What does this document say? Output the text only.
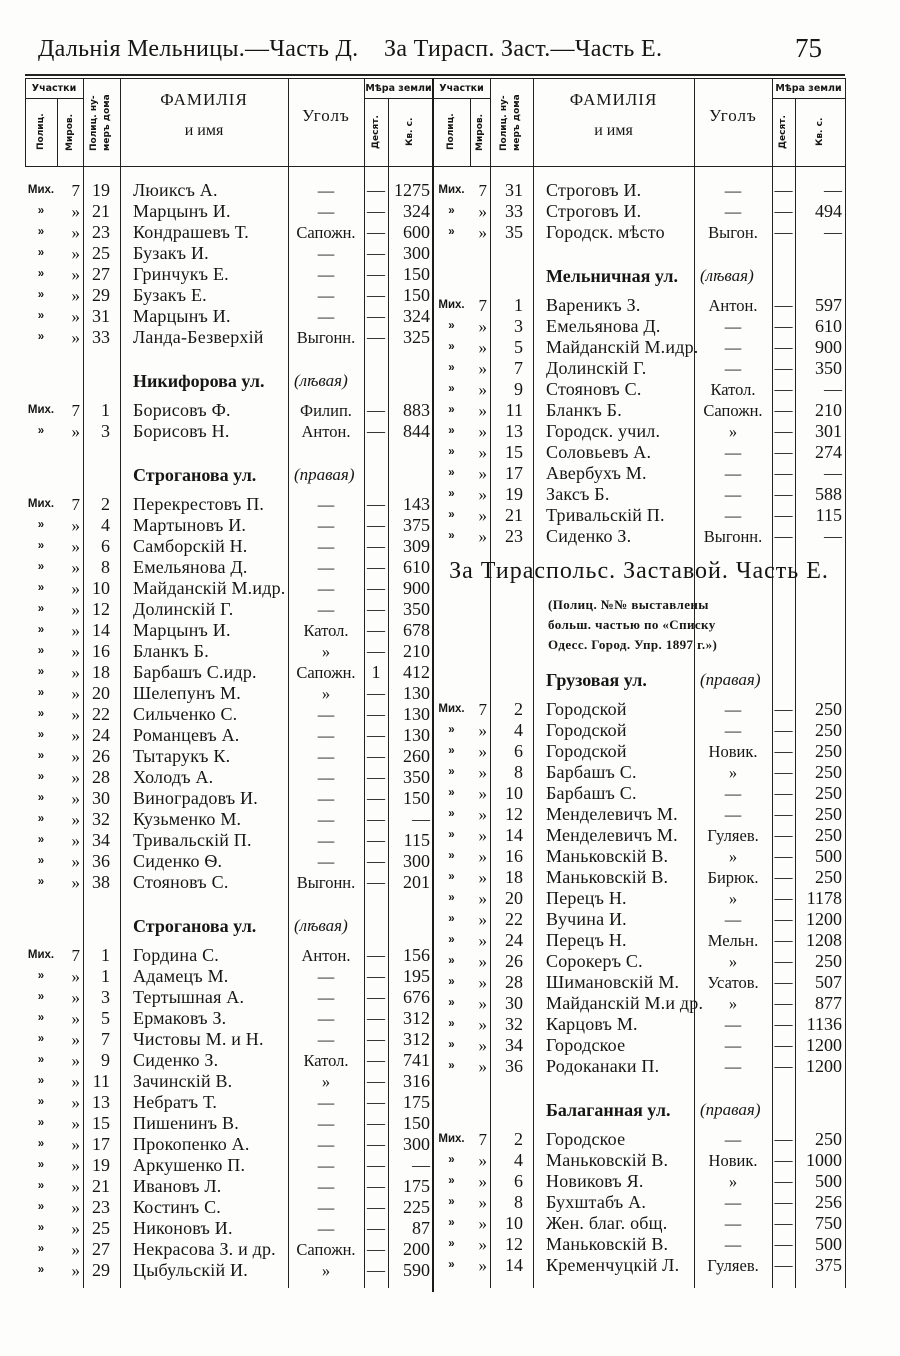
Дальнія Мельницы.—Часть Д. За Тирасп. Заст.—Часть Е.	75
Участки
Полиц.	Миров.	Полиц. ну-меръ дома	ФАМИЛІЯ
и имя
Уголъ
Мѣра земли
Десят.	Кв. с.
Участки
Полиц.	Миров.	Полиц. ну-меръ дома	ФАМИЛІЯ
и имя
Уголъ
Мѣра земли
Десят.	Кв. с.
Мих.	7 19	Люиксъ А.	—	— 1275
»	» 21	Марцынъ И.	—	—	324
»	» 23	Кондрашевъ Т.	Сапожн. —	600
»	» 25	Бузакъ И.	—	—	300
»	» 27	Гринчукъ Е.	—	—	150
»	» 29	Бузакъ Е.	—	—	150
»	» 31	Марцынъ И.	—	—	324
»	» 33	Ланда-Безверхій	Выгонн. —	325
Никифорова ул.	(лѣвая)
Мих.	7	1	Борисовъ Ф.	Филип. —	883
»	»	3	Борисовъ Н.	Антон. —	844
Строганова ул.	(правая)
Мих.	7	2	Перекрестовъ П.	—	—	143
»	»	4	Мартыновъ И.	—	—	375
»	»	6	Самборскій Н.	—	—	309
»	»	8	Емельянова Д.	—	—	610
»	» 10	Майданскій М.идр.	—	—	900
»	» 12	Долинскій Г.	—	—	350
»	» 14	Марцынъ И.	Катол.	—	678
»	» 16	Бланкъ Б.	»	—	210
»	» 18	Барбашъ С.идр.	Сапожн. 1	412
»	» 20	Шелепунъ М.	»	—	130
»	» 22	Сильченко С.	—	—	130
»	» 24	Романцевъ А.	—	—	130
»	» 26	Тытарукъ К.	—	—	260
»	» 28	Холодъ А.	—	—	350
»	» 30	Виноградовъ И.	—	—	150
»	» 32	Кузьменко М.	—	—	—
»	» 34	Тривальскій П.	—	—	115
»	» 36	Сиденко Ѳ.	—	—	300
»	» 38	Стояновъ С.	Выгонн. —	201
Строганова ул.	(лѣвая)
Мих.	7	1	Гордина С.	Антон. —	156
»	»	1	Адамецъ М.	—	—	195
»	»	3	Тертышная А.	—	—	676
»	»	5	Ермаковъ З.	—	—	312
»	»	7	Чистовы М. и Н.	—	—	312
»	»	9	Сиденко З.	Катол.	—	741
»	» 11	Зачинскій В.	»	—	316
»	» 13	Небратъ Т.	—	—	175
»	» 15	Пишенинъ В.	—	—	150
»	» 17	Прокопенко А.	—	—	300
»	» 19	Аркушенко П.	—	—	—
»	» 21	Ивановъ Л.	—	—	175
»	» 23	Костинъ С.	—	—	225
»	» 25	Никоновъ И.	—	—	87
»	» 27	Некрасова З. и др.	Сапожн. —	200
»	» 29	Цыбульскій И.	»	—	590
Мих. 7	31	Строговъ И.	—	—	—
»	»	33	Строговъ И.	—	—	494
»	»	35	Городск. мѣсто	Выгон. —	—
Мельничная ул.	(лѣвая)
Мих. 7	1	Вареникъ З.	Антон. —	597
»	»	3	Емельянова Д.	—	—	610
»	»	5	Майданскій М.идр.	—	—	900
»	»	7	Долинскій Г.	—	—	350
»	»	9	Стояновъ С.	Катол.	—	—
»	»	11	Бланкъ Б.	Сапожн. —	210
»	»	13	Городск. учил.	»	—	301
»	»	15	Соловьевъ А.	—	—	274
»	»	17	Авербухъ М.	—	—	—
»	»	19	Заксъ Б.	—	—	588
»	»	21	Тривальскій П.	—	—	115
»	»	23	Сиденко З.	Выгонн. —	—
За Тираспольс. Заставой. Часть Е.
(Полиц. №№ выставлены
больш. частью по «Списку
Одесс. Город. Упр. 1897 г.»)
Грузовая ул.	(правая)
Мих. 7	2	Городской	—	—	250
»	»	4	Городской	—	—	250
»	»	6	Городской	Новик. —	250
»	»	8	Барбашъ С.	»	—	250
»	»	10	Барбашъ С.	—	—	250
»	»	12	Менделевичъ М.	—	—	250
»	»	14	Менделевичъ М.	Гуляев. —	250
»	»	16	Маньковскій В.	»	—	500
»	»	18	Маньковскій В.	Бирюк. —	250
»	»	20	Перецъ Н.	»	— 1178
»	»	22	Вучина И.	—	— 1200
»	»	24	Перецъ Н.	Мельн. — 1208
»	»	26	Сорокеръ С.	»	—	250
»	»	28	Шимановскій М.	Усатов. —	507
»	»	30	Майданскій М.и др.	»	—	877
»	»	32	Карцовъ М.	—	— 1136
»	»	34	Городское	—	— 1200
»	»	36	Родоканаки П.	—	— 1200
Балаганная ул.	(правая)
Мих. 7	2	Городское	—	—	250
»	»	4	Маньковскій В.	Новик. — 1000
»	»	6	Новиковъ Я.	»	—	500
»	»	8	Бухштабъ А.	—	—	256
»	»	10	Жен. благ. общ.	—	—	750
»	»	12	Маньковскій В.	—	—	500
»	»	14	Кременчуцкій Л.	Гуляев. —	375
